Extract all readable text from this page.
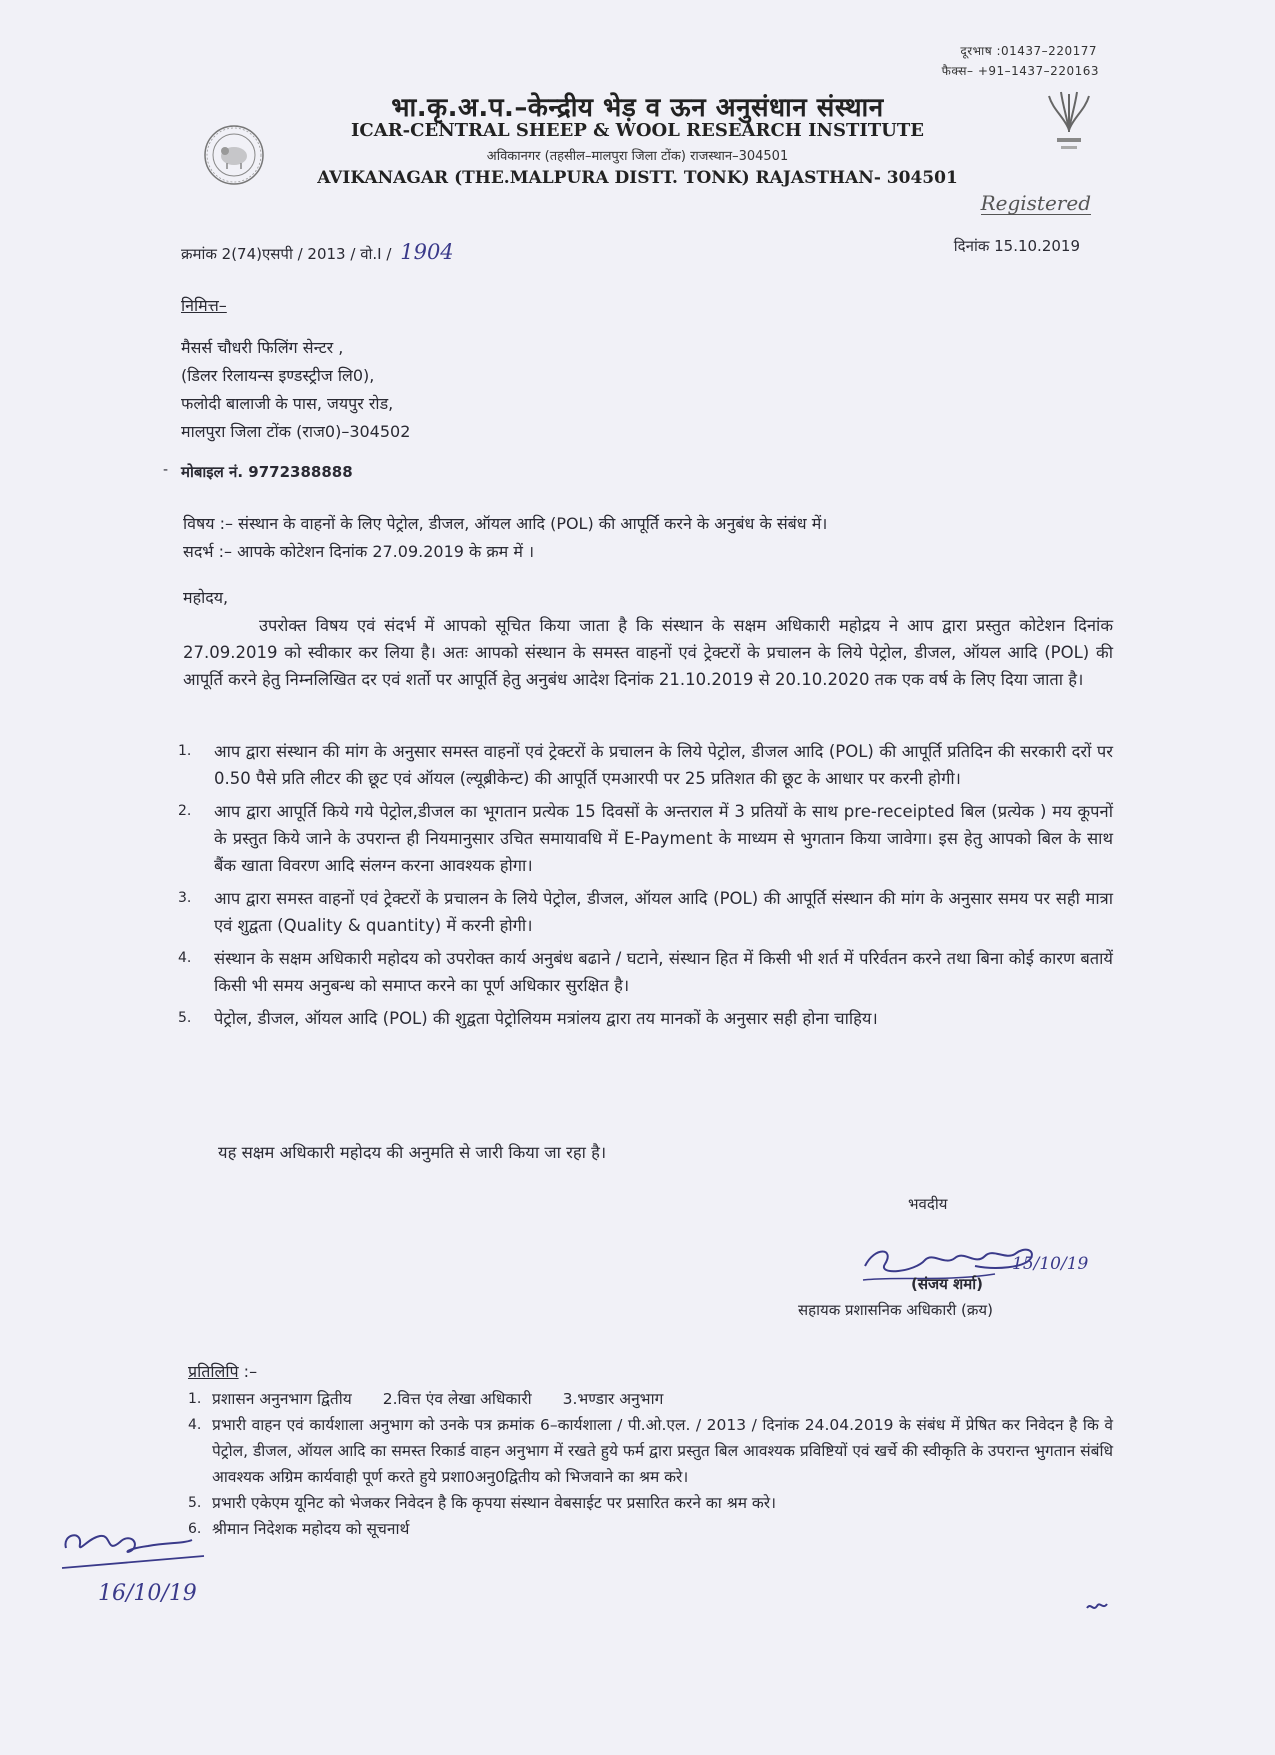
दूरभाष :01437–220177
फैक्स– +91–1437–220163
भा.कृ.अ.प.–केन्द्रीय भेड़ व ऊन अनुसंधान संस्थान
ICAR-CENTRAL SHEEP & WOOL RESEARCH INSTITUTE
अविकानगर (तहसील–मालपुरा जिला टोंक) राजस्थान–304501
AVIKANAGAR (THE.MALPURA DISTT. TONK) RAJASTHAN- 304501
Registered
क्रमांक 2(74)एसपी / 2013 / वो.I / 1904	दिनांक 15.10.2019
निमित्त–
मैसर्स चौधरी फिलिंग सेन्टर ,
(डिलर रिलायन्स इण्डस्ट्रीज लि0),
फलोदी बालाजी के पास, जयपुर रोड,
मालपुरा जिला टोंक (राज0)–304502
- मोबाइल नं. 9772388888
विषय :– संस्थान के वाहनों के लिए पेट्रोल, डीजल, ऑयल आदि (POL) की आपूर्ति करने के अनुबंध के संबंध में।
सदर्भ :– आपके कोटेशन दिनांक 27.09.2019 के क्रम में ।
महोदय,
उपरोक्त विषय एवं संदर्भ में आपको सूचित किया जाता है कि संस्थान के सक्षम अधिकारी महोद्रय ने आप द्वारा प्रस्तुत कोटेशन दिनांक 27.09.2019 को स्वीकार कर लिया है। अतः आपको संस्थान के समस्त वाहनों एवं ट्रेक्टरों के प्रचालन के लिये पेट्रोल, डीजल, ऑयल आदि (POL) की आपूर्ति करने हेतु निम्नलिखित दर एवं शर्तो पर आपूर्ति हेतु अनुबंध आदेश दिनांक 21.10.2019 से 20.10.2020 तक एक वर्ष के लिए दिया जाता है।
1. आप द्वारा संस्थान की मांग के अनुसार समस्त वाहनों एवं ट्रेक्टरों के प्रचालन के लिये पेट्रोल, डीजल आदि (POL) की आपूर्ति प्रतिदिन की सरकारी दरों पर 0.50 पैसे प्रति लीटर की छूट एवं ऑयल (ल्यूब्रीकेन्ट) की आपूर्ति एमआरपी पर 25 प्रतिशत की छूट के आधार पर करनी होगी।
2. आप द्वारा आपूर्ति किये गये पेट्रोल,डीजल का भूगतान प्रत्येक 15 दिवसों के अन्तराल में 3 प्रतियों के साथ pre-receipted बिल (प्रत्येक ) मय कूपनों के प्रस्तुत किये जाने के उपरान्त ही नियमानुसार उचित समायावधि में E-Payment के माध्यम से भुगतान किया जावेगा। इस हेतु आपको बिल के साथ बैंक खाता विवरण आदि संलग्न करना आवश्यक होगा।
3. आप द्वारा समस्त वाहनों एवं ट्रेक्टरों के प्रचालन के लिये पेट्रोल, डीजल, ऑयल आदि (POL) की आपूर्ति संस्थान की मांग के अनुसार समय पर सही मात्रा एवं शुद्वता (Quality & quantity) में करनी होगी।
4. संस्थान के सक्षम अधिकारी महोदय को उपरोक्त कार्य अनुबंध बढाने / घटाने, संस्थान हित में किसी भी शर्त में परिर्वतन करने तथा बिना कोई कारण बतायें किसी भी समय अनुबन्ध को समाप्त करने का पूर्ण अधिकार सुरक्षित है।
5. पेट्रोल, डीजल, ऑयल आदि (POL) की शुद्वता पेट्रोलियम मत्रांलय द्वारा तय मानकों के अनुसार सही होना चाहिय।
यह सक्षम अधिकारी महोदय की अनुमति से जारी किया जा रहा है।
भवदीय
15/10/19
(संजय शर्मा)
सहायक प्रशासनिक अधिकारी (क्रय)
प्रतिलिपि :–
1. प्रशासन अनुनभाग द्वितीय 2.वित्त एंव लेखा अधिकारी 3.भण्डार अनुभाग
4. प्रभारी वाहन एवं कार्यशाला अनुभाग को उनके पत्र क्रमांक 6–कार्यशाला / पी.ओ.एल. / 2013 / दिनांक 24.04.2019 के संबंध में प्रेषित कर निवेदन है कि वे पेट्रोल, डीजल, ऑयल आदि का समस्त रिकार्ड वाहन अनुभाग में रखते हुये फर्म द्वारा प्रस्तुत बिल आवश्यक प्रविष्टियों एवं खर्चे की स्वीकृति के उपरान्त भुगतान संबंधि आवश्यक अग्रिम कार्यवाही पूर्ण करते हुये प्रशा0अनु0द्वितीय को भिजवाने का श्रम करे।
5. प्रभारी एकेएम यूनिट को भेजकर निवेदन है कि कृपया संस्थान वेबसाईट पर प्रसारित करने का श्रम करे।
6. श्रीमान निदेशक महोदय को सूचनार्थ
16/10/19
